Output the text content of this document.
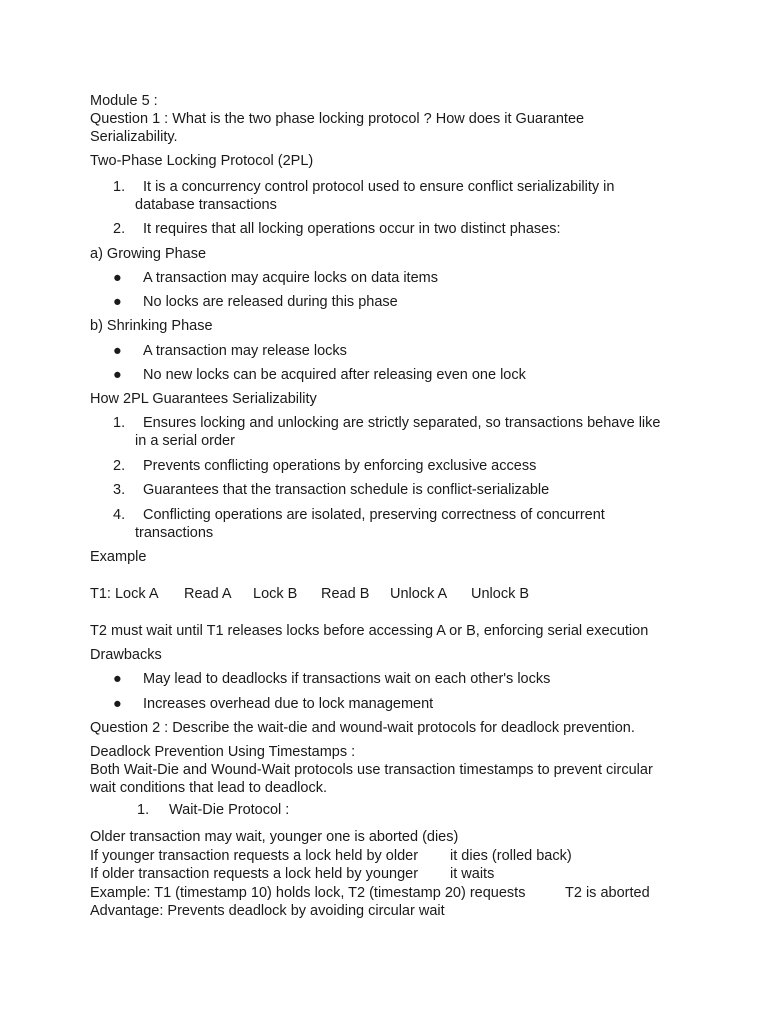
Module 5 :
Question 1 : What is the two phase locking protocol ? How does it Guarantee
Serializability.
Two-Phase Locking Protocol (2PL)
1. It is a concurrency control protocol used to ensure conflict serializability in
database transactions
2. It requires that all locking operations occur in two distinct phases:
a) Growing Phase
● A transaction may acquire locks on data items
● No locks are released during this phase
b) Shrinking Phase
● A transaction may release locks
● No new locks can be acquired after releasing even one lock
How 2PL Guarantees Serializability
1. Ensures locking and unlocking are strictly separated, so transactions behave like
in a serial order
2. Prevents conflicting operations by enforcing exclusive access
3. Guarantees that the transaction schedule is conflict-serializable
4. Conflicting operations are isolated, preserving correctness of concurrent
transactions
Example
T1: Lock A Read A Lock B Read B Unlock A Unlock B
T2 must wait until T1 releases locks before accessing A or B, enforcing serial execution
Drawbacks
● May lead to deadlocks if transactions wait on each other's locks
● Increases overhead due to lock management
Question 2 : Describe the wait-die and wound-wait protocols for deadlock prevention.
Deadlock Prevention Using Timestamps :
Both Wait-Die and Wound-Wait protocols use transaction timestamps to prevent circular
wait conditions that lead to deadlock.
1. Wait-Die Protocol :
Older transaction may wait, younger one is aborted (dies)
If younger transaction requests a lock held by older it dies (rolled back)
If older transaction requests a lock held by younger it waits
Example: T1 (timestamp 10) holds lock, T2 (timestamp 20) requests	T2 is aborted
Advantage: Prevents deadlock by avoiding circular wait
